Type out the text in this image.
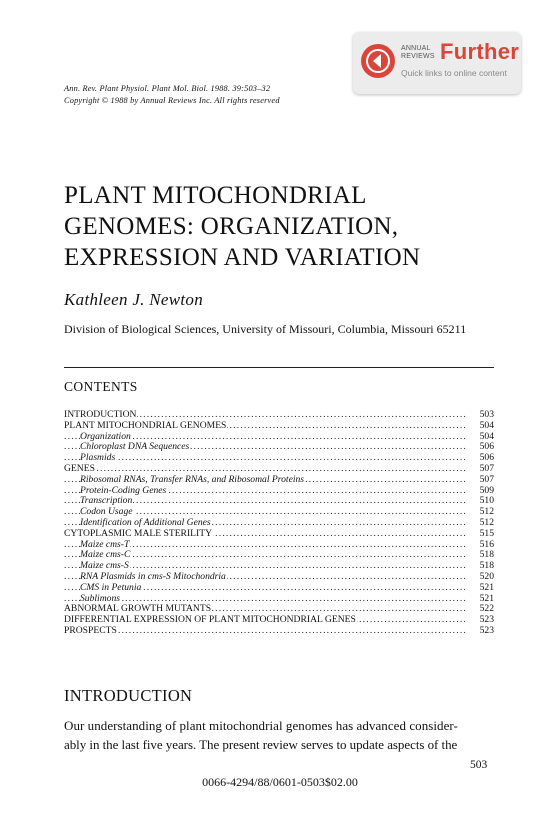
ANNUAL
REVIEWS Further
Quick links to online content
Ann. Rev. Plant Physiol. Plant Mol. Biol. 1988. 39:503–32
Copyright © 1988 by Annual Reviews Inc. All rights reserved
PLANT MITOCHONDRIAL
GENOMES: ORGANIZATION,
EXPRESSION AND VARIATION
Kathleen J. Newton
Division of Biological Sciences, University of Missouri, Columbia, Missouri 65211
CONTENTS
.....
INTRODUCTION	503
.....
PLANT MITOCHONDRIAL GENOMES	504
.....
Organization	504
.....
Chloroplast DNA Sequences	506
.....
Plasmids	506
.....
GENES	507
.....
Ribosomal RNAs, Transfer RNAs, and Ribosomal Proteins	507
.....
Protein-Coding Genes	509
.....
Transcription	510
.....
Codon Usage	512
.....
Identification of Additional Genes	512
.....
CYTOPLASMIC MALE STERILITY	515
.....
Maize cms-T	516
.....
Maize cms-C	518
.....
Maize cms-S	518
.....
RNA Plasmids in cms-S Mitochondria	520
.....
CMS in Petunia	521
.....
Sublimons	521
.....
ABNORMAL GROWTH MUTANTS	522
.....
DIFFERENTIAL EXPRESSION OF PLANT MITOCHONDRIAL GENES	523
.....
PROSPECTS	523
INTRODUCTION
Our understanding of plant mitochondrial genomes has advanced consider-
ably in the last five years. The present review serves to update aspects of the
503
0066-4294/88/0601-0503$02.00
